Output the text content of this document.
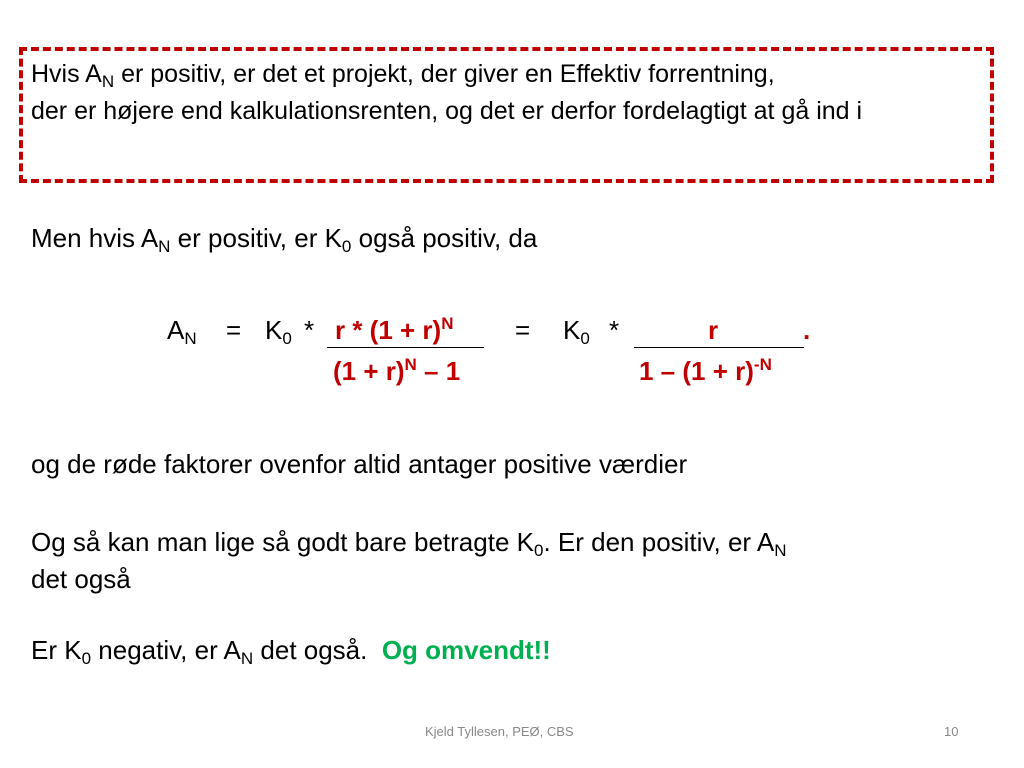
Hvis $A_N$ er positiv, er det et projekt, der giver en Effektiv forrentning,
der er højere end kalkulationsrenten, og det er derfor fordelagtigt at gå ind i
Men hvis $A_N$ er positiv, er $K_0$ også positiv, da
$A_N = K_0 * r * (1 + r)^N$
$(1 + r)^N - 1$
= $K_0$ *	r	.
$1 - (1 + r)^{-N}$
og de røde faktorer ovenfor altid antager positive værdier
Og så kan man lige så godt bare betragte $K_0$. Er den positiv, er $A_N$
det også
Er $K_0$ negativ, er $A_N$ det også. Og omvendt!!
Kjeld Tyllesen, PEØ, CBS	10
